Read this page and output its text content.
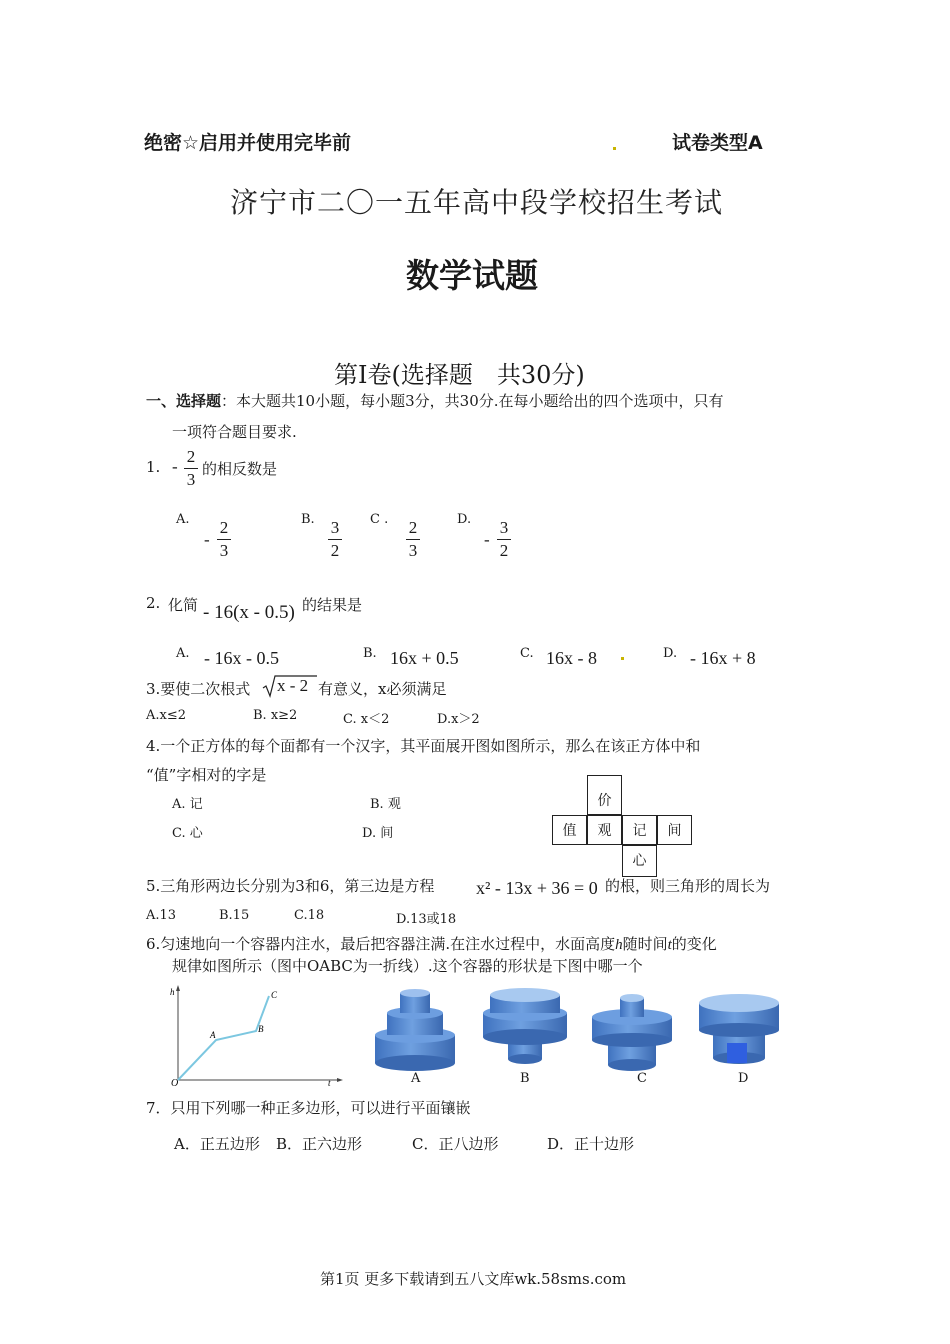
绝密☆启用并使用完毕前	试卷类型A
济宁市二〇一五年高中段学校招生考试
数学试题
第Ⅰ卷(选择题　共30分)
一、选择题：本大题共10小题，每小题3分，共30分.在每小题给出的四个选项中，只有
一项符合题目要求.
1. -
2
3
的相反数是
A.
-
2
3
B. 3
2
C . 2
3
D.
-
3
2
2. 化简 - 16(x - 0.5) 的结果是
A. - 16x - 0.5	B. 16x + 0.5	C. 16x - 8	D. - 16x + 8
3.要使二次根式 x - 2 有意义，x必须满足
A.x≤2	B. x≥2	C. x＜2	D.x＞2
4.一个正方体的每个面都有一个汉字，其平面展开图如图所示，那么在该正方体中和
“值”字相对的字是
A. 记	B. 观
C. 心	D. 间
价
值	观	记	间
心
5.三角形两边长分别为3和6，第三边是方程 x² - 13x + 36 = 0 的根，则三角形的周长为
A.13	B.15	C.18	D.13或18
6.匀速地向一个容器内注水，最后把容器注满.在注水过程中，水面高度h随时间t的变化
规律如图所示（图中OABC为一折线）.这个容器的形状是下图中哪一个
h
O
A
B
C
t	A	B	C	D
7．只用下列哪一种正多边形，可以进行平面镶嵌
A．正五边形 B．正六边形	C．正八边形	D．正十边形
第1页 更多下载请到五八文库wk.58sms.com
